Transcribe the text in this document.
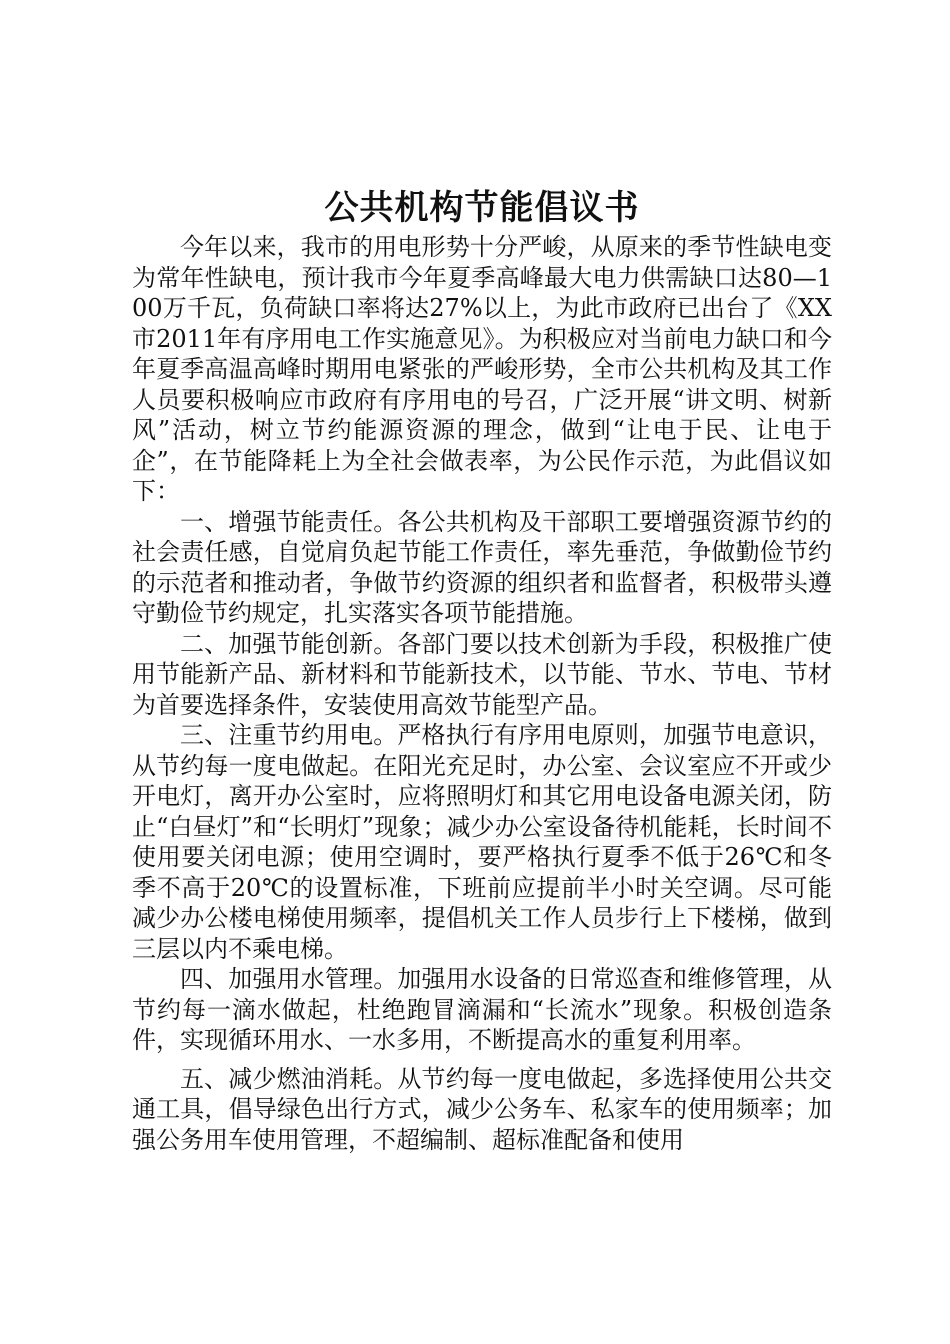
公共机构节能倡议书

今年以来，我市的用电形势十分严峻，从原来的季节性缺电变为常年性缺电，预计我市今年夏季高峰最大电力供需缺口达80—100万千瓦，负荷缺口率将达27%以上，为此市政府已出台了《XX市2011年有序用电工作实施意见》。为积极应对当前电力缺口和今年夏季高温高峰时期用电紧张的严峻形势，全市公共机构及其工作人员要积极响应市政府有序用电的号召，广泛开展“讲文明、树新风”活动，树立节约能源资源的理念，做到“让电于民、让电于企”，在节能降耗上为全社会做表率，为公民作示范，为此倡议如下：

一、增强节能责任。各公共机构及干部职工要增强资源节约的社会责任感，自觉肩负起节能工作责任，率先垂范，争做勤俭节约的示范者和推动者，争做节约资源的组织者和监督者，积极带头遵守勤俭节约规定，扎实落实各项节能措施。

二、加强节能创新。各部门要以技术创新为手段，积极推广使用节能新产品、新材料和节能新技术，以节能、节水、节电、节材为首要选择条件，安装使用高效节能型产品。

三、注重节约用电。严格执行有序用电原则，加强节电意识，从节约每一度电做起。在阳光充足时，办公室、会议室应不开或少开电灯，离开办公室时，应将照明灯和其它用电设备电源关闭，防止“白昼灯”和“长明灯”现象；减少办公室设备待机能耗，长时间不使用要关闭电源；使用空调时，要严格执行夏季不低于26℃和冬季不高于20℃的设置标准，下班前应提前半小时关空调。尽可能减少办公楼电梯使用频率，提倡机关工作人员步行上下楼梯，做到三层以内不乘电梯。

四、加强用水管理。加强用水设备的日常巡查和维修管理，从节约每一滴水做起，杜绝跑冒滴漏和“长流水”现象。积极创造条件，实现循环用水、一水多用，不断提高水的重复利用率。

五、减少燃油消耗。从节约每一度电做起，多选择使用公共交通工具，倡导绿色出行方式，减少公务车、私家车的使用频率；加强公务用车使用管理，不超编制、超标准配备和使用
